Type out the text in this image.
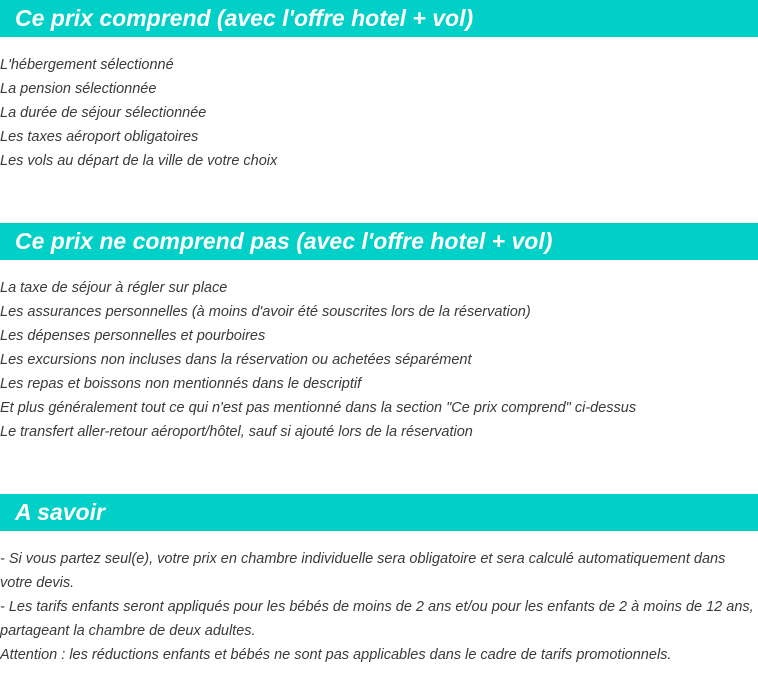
Ce prix comprend (avec l'offre hotel + vol)
L'hébergement sélectionné
La pension sélectionnée
La durée de séjour sélectionnée
Les taxes aéroport obligatoires
Les vols au départ de la ville de votre choix
Ce prix ne comprend pas (avec l'offre hotel + vol)
La taxe de séjour à régler sur place
Les assurances personnelles (à moins d'avoir été souscrites lors de la réservation)
Les dépenses personnelles et pourboires
Les excursions non incluses dans la réservation ou achetées séparément
Les repas et boissons non mentionnés dans le descriptif
Et plus généralement tout ce qui n'est pas mentionné dans la section "Ce prix comprend" ci-dessus
Le transfert aller-retour aéroport/hôtel, sauf si ajouté lors de la réservation
A savoir

- Si vous partez seul(e), votre prix en chambre individuelle sera obligatoire et sera calculé automatiquement dans votre devis.

- Les tarifs enfants seront appliqués pour les bébés de moins de 2 ans et/ou pour les enfants de 2 à moins de 12 ans, partageant la chambre de deux adultes.

Attention : les réductions enfants et bébés ne sont pas applicables dans le cadre de tarifs promotionnels.
